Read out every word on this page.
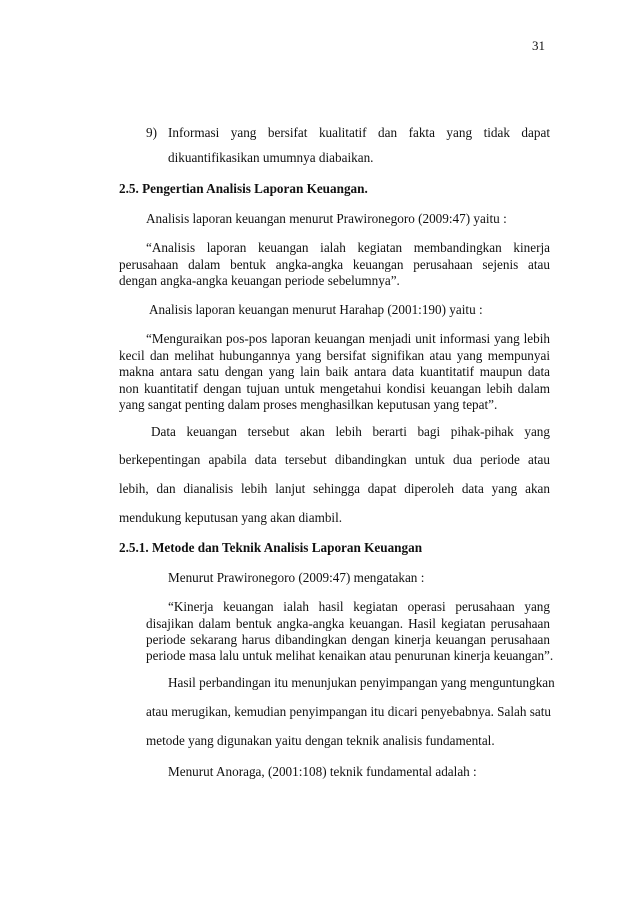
31
9) Informasi yang bersifat kualitatif dan fakta yang tidak dapat
dikuantifikasikan umumnya diabaikan.
2.5. Pengertian Analisis Laporan Keuangan.
Analisis laporan keuangan menurut Prawironegoro (2009:47) yaitu :
“Analisis laporan keuangan ialah kegiatan membandingkan kinerja
perusahaan dalam bentuk angka-angka keuangan perusahaan sejenis atau
dengan angka-angka keuangan periode sebelumnya”.
Analisis laporan keuangan menurut Harahap (2001:190) yaitu :
“Menguraikan pos-pos laporan keuangan menjadi unit informasi yang lebih
kecil dan melihat hubungannya yang bersifat signifikan atau yang mempunyai
makna antara satu dengan yang lain baik antara data kuantitatif maupun data
non kuantitatif dengan tujuan untuk mengetahui kondisi keuangan lebih dalam
yang sangat penting dalam proses menghasilkan keputusan yang tepat”.
Data keuangan tersebut akan lebih berarti bagi pihak-pihak yang
berkepentingan apabila data tersebut dibandingkan untuk dua periode atau
lebih, dan dianalisis lebih lanjut sehingga dapat diperoleh data yang akan
mendukung keputusan yang akan diambil.
2.5.1. Metode dan Teknik Analisis Laporan Keuangan
Menurut Prawironegoro (2009:47) mengatakan :
“Kinerja keuangan ialah hasil kegiatan operasi perusahaan yang
disajikan dalam bentuk angka-angka keuangan. Hasil kegiatan perusahaan
periode sekarang harus dibandingkan dengan kinerja keuangan perusahaan
periode masa lalu untuk melihat kenaikan atau penurunan kinerja keuangan”.
Hasil perbandingan itu menunjukan penyimpangan yang menguntungkan
atau merugikan, kemudian penyimpangan itu dicari penyebabnya. Salah satu
metode yang digunakan yaitu dengan teknik analisis fundamental.
Menurut Anoraga, (2001:108) teknik fundamental adalah :
